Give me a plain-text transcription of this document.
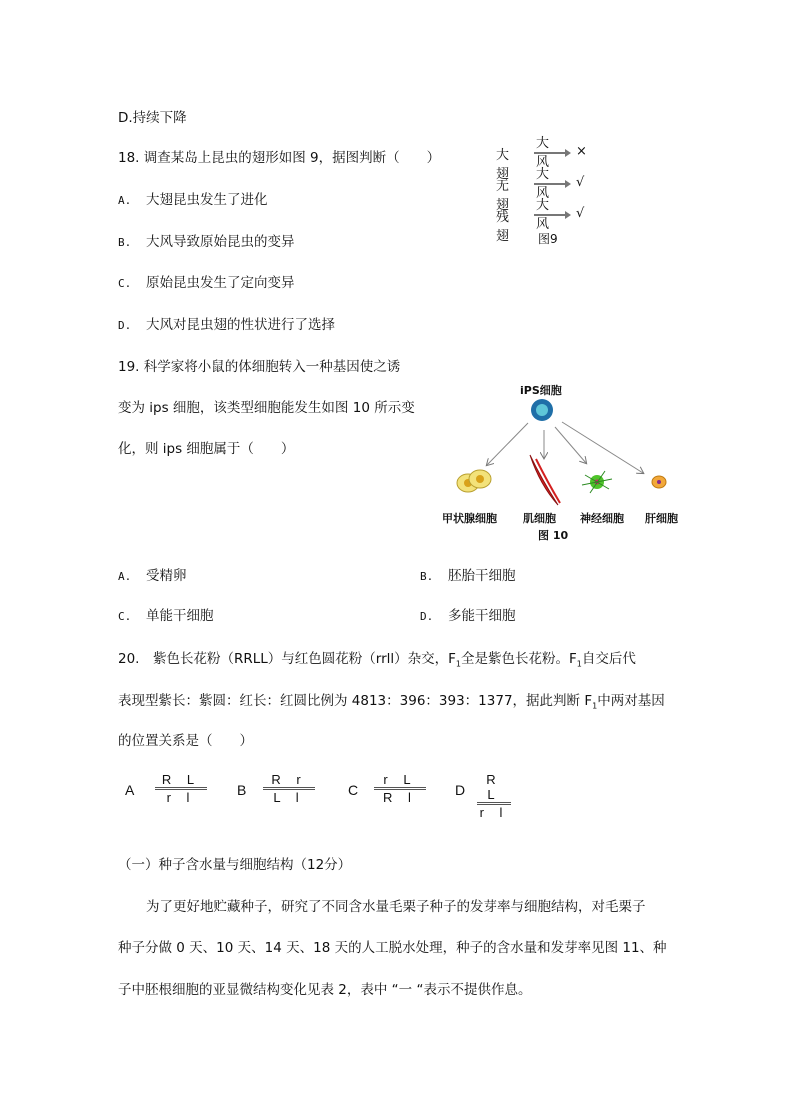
D.持续下降
18. 调查某岛上昆虫的翅形如图 9，据图判断（　　）
A. 大翅昆虫发生了进化
B. 大风导致原始昆虫的变异
C. 原始昆虫发生了定向变异
D. 大风对昆虫翅的性状进行了选择
大翅
大风
×
无翅
大风
√
残翅
大风
√
图9
19. 科学家将小鼠的体细胞转入一种基因使之诱
变为 ips 细胞，该类型细胞能发生如图 10 所示变
化，则 ips 细胞属于（　　）
iPS细胞
甲状腺细胞 肌细胞 神经细胞 肝细胞
图 10
A. 受精卵	B. 胚胎干细胞
C. 单能干细胞	D. 多能干细胞
20.　紫色长花粉（RRLL）与红色圆花粉（rrll）杂交，$F_1$全是紫色长花粉。$F_1$自交后代
表现型紫长：紫圆：红长：红圆比例为 4813：396：393：1377，据此判断 $F_1$中两对基因
的位置关系是（　　）
A
R L
r l	B
R r
L l	C
r L
R l	D
R L
r l
（一）种子含水量与细胞结构（12分）
为了更好地贮藏种子，研究了不同含水量毛栗子种子的发芽率与细胞结构，对毛栗子
种子分做 0 天、10 天、14 天、18 天的人工脱水处理，种子的含水量和发芽率见图 11、种
子中胚根细胞的亚显微结构变化见表 2，表中 “一 “表示不提供作息。
